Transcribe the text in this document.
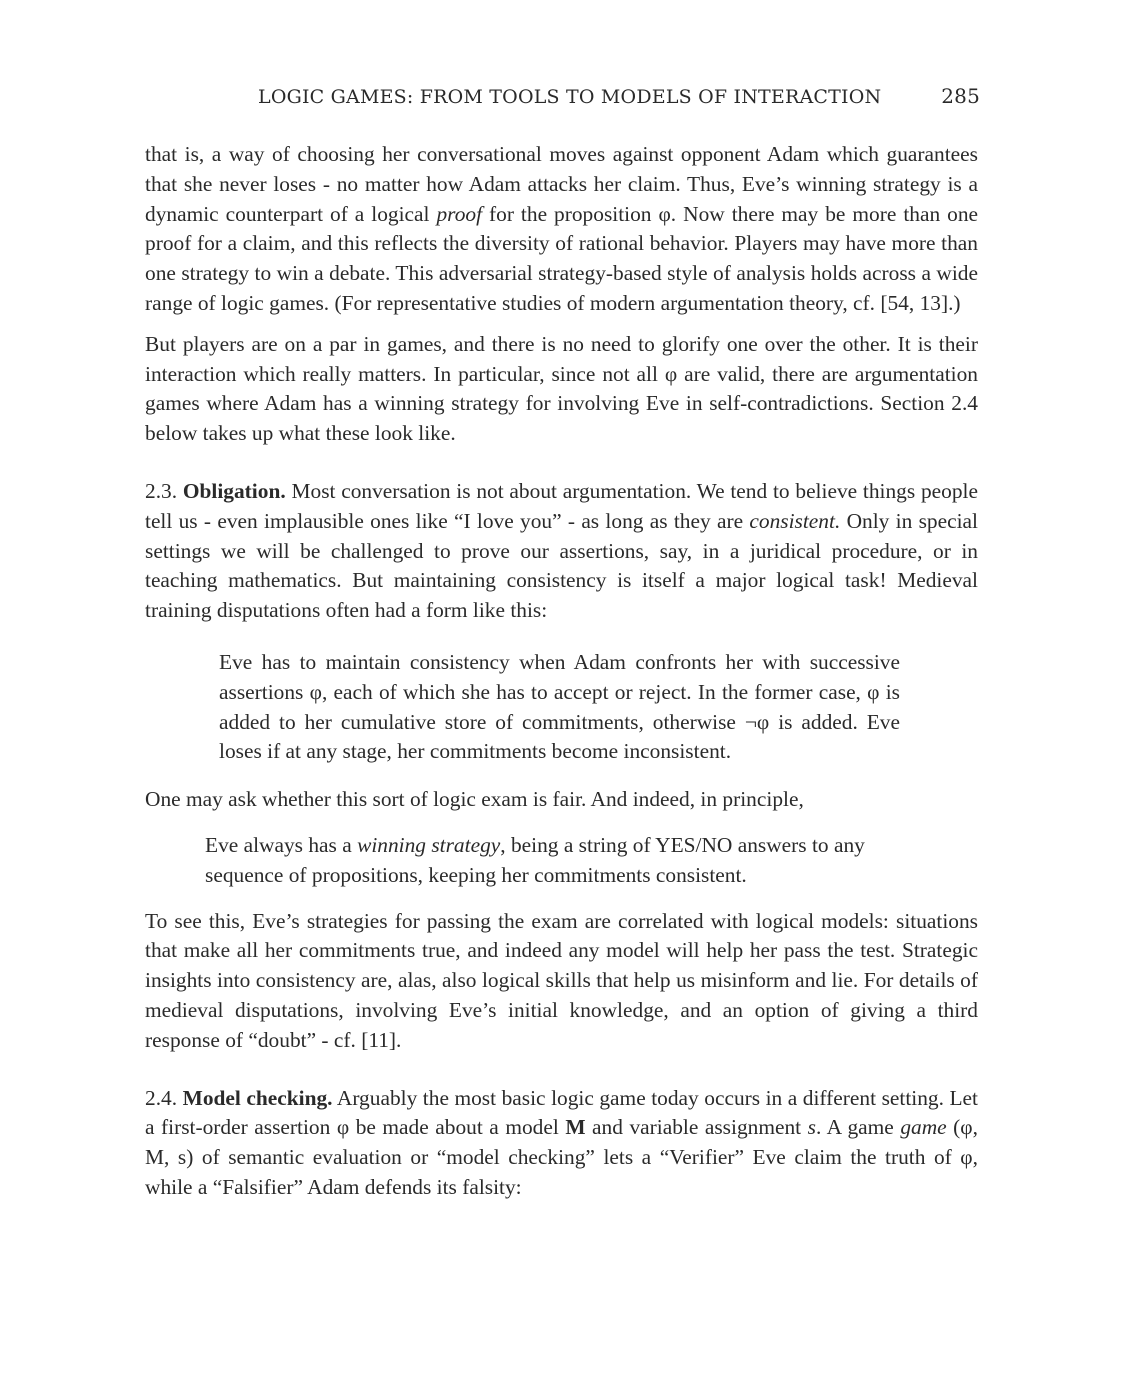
LOGIC GAMES: FROM TOOLS TO MODELS OF INTERACTION	285

that is, a way of choosing her conversational moves against opponent Adam which guarantees that she never loses - no matter how Adam attacks her claim. Thus, Eve’s winning strategy is a dynamic counterpart of a logical proof for the proposition φ. Now there may be more than one proof for a claim, and this reflects the diversity of rational behavior. Players may have more than one strategy to win a debate. This adversarial strategy-based style of analysis holds across a wide range of logic games. (For representative studies of modern argumentation theory, cf. [54, 13].)

But players are on a par in games, and there is no need to glorify one over the other. It is their interaction which really matters. In particular, since not all φ are valid, there are argumentation games where Adam has a winning strategy for involving Eve in self-contradictions. Section 2.4 below takes up what these look like.

2.3. Obligation. Most conversation is not about argumentation. We tend to believe things people tell us - even implausible ones like “I love you” - as long as they are consistent. Only in special settings we will be challenged to prove our assertions, say, in a juridical procedure, or in teaching mathematics. But maintaining consistency is itself a major logical task! Medieval training disputations often had a form like this:

Eve has to maintain consistency when Adam confronts her with successive assertions φ, each of which she has to accept or reject. In the former case, φ is added to her cumulative store of commitments, otherwise ¬φ is added. Eve loses if at any stage, her commitments become inconsistent.

One may ask whether this sort of logic exam is fair. And indeed, in principle,

Eve always has a winning strategy, being a string of YES/NO answers to any sequence of propositions, keeping her commitments consistent.

To see this, Eve’s strategies for passing the exam are correlated with logical models: situations that make all her commitments true, and indeed any model will help her pass the test. Strategic insights into consistency are, alas, also logical skills that help us misinform and lie. For details of medieval disputations, involving Eve’s initial knowledge, and an option of giving a third response of “doubt” - cf. [11].

2.4. Model checking. Arguably the most basic logic game today occurs in a different setting. Let a first-order assertion φ be made about a model M and variable assignment s. A game game (φ, M, s) of semantic evaluation or “model checking” lets a “Verifier” Eve claim the truth of φ, while a “Falsifier” Adam defends its falsity:
